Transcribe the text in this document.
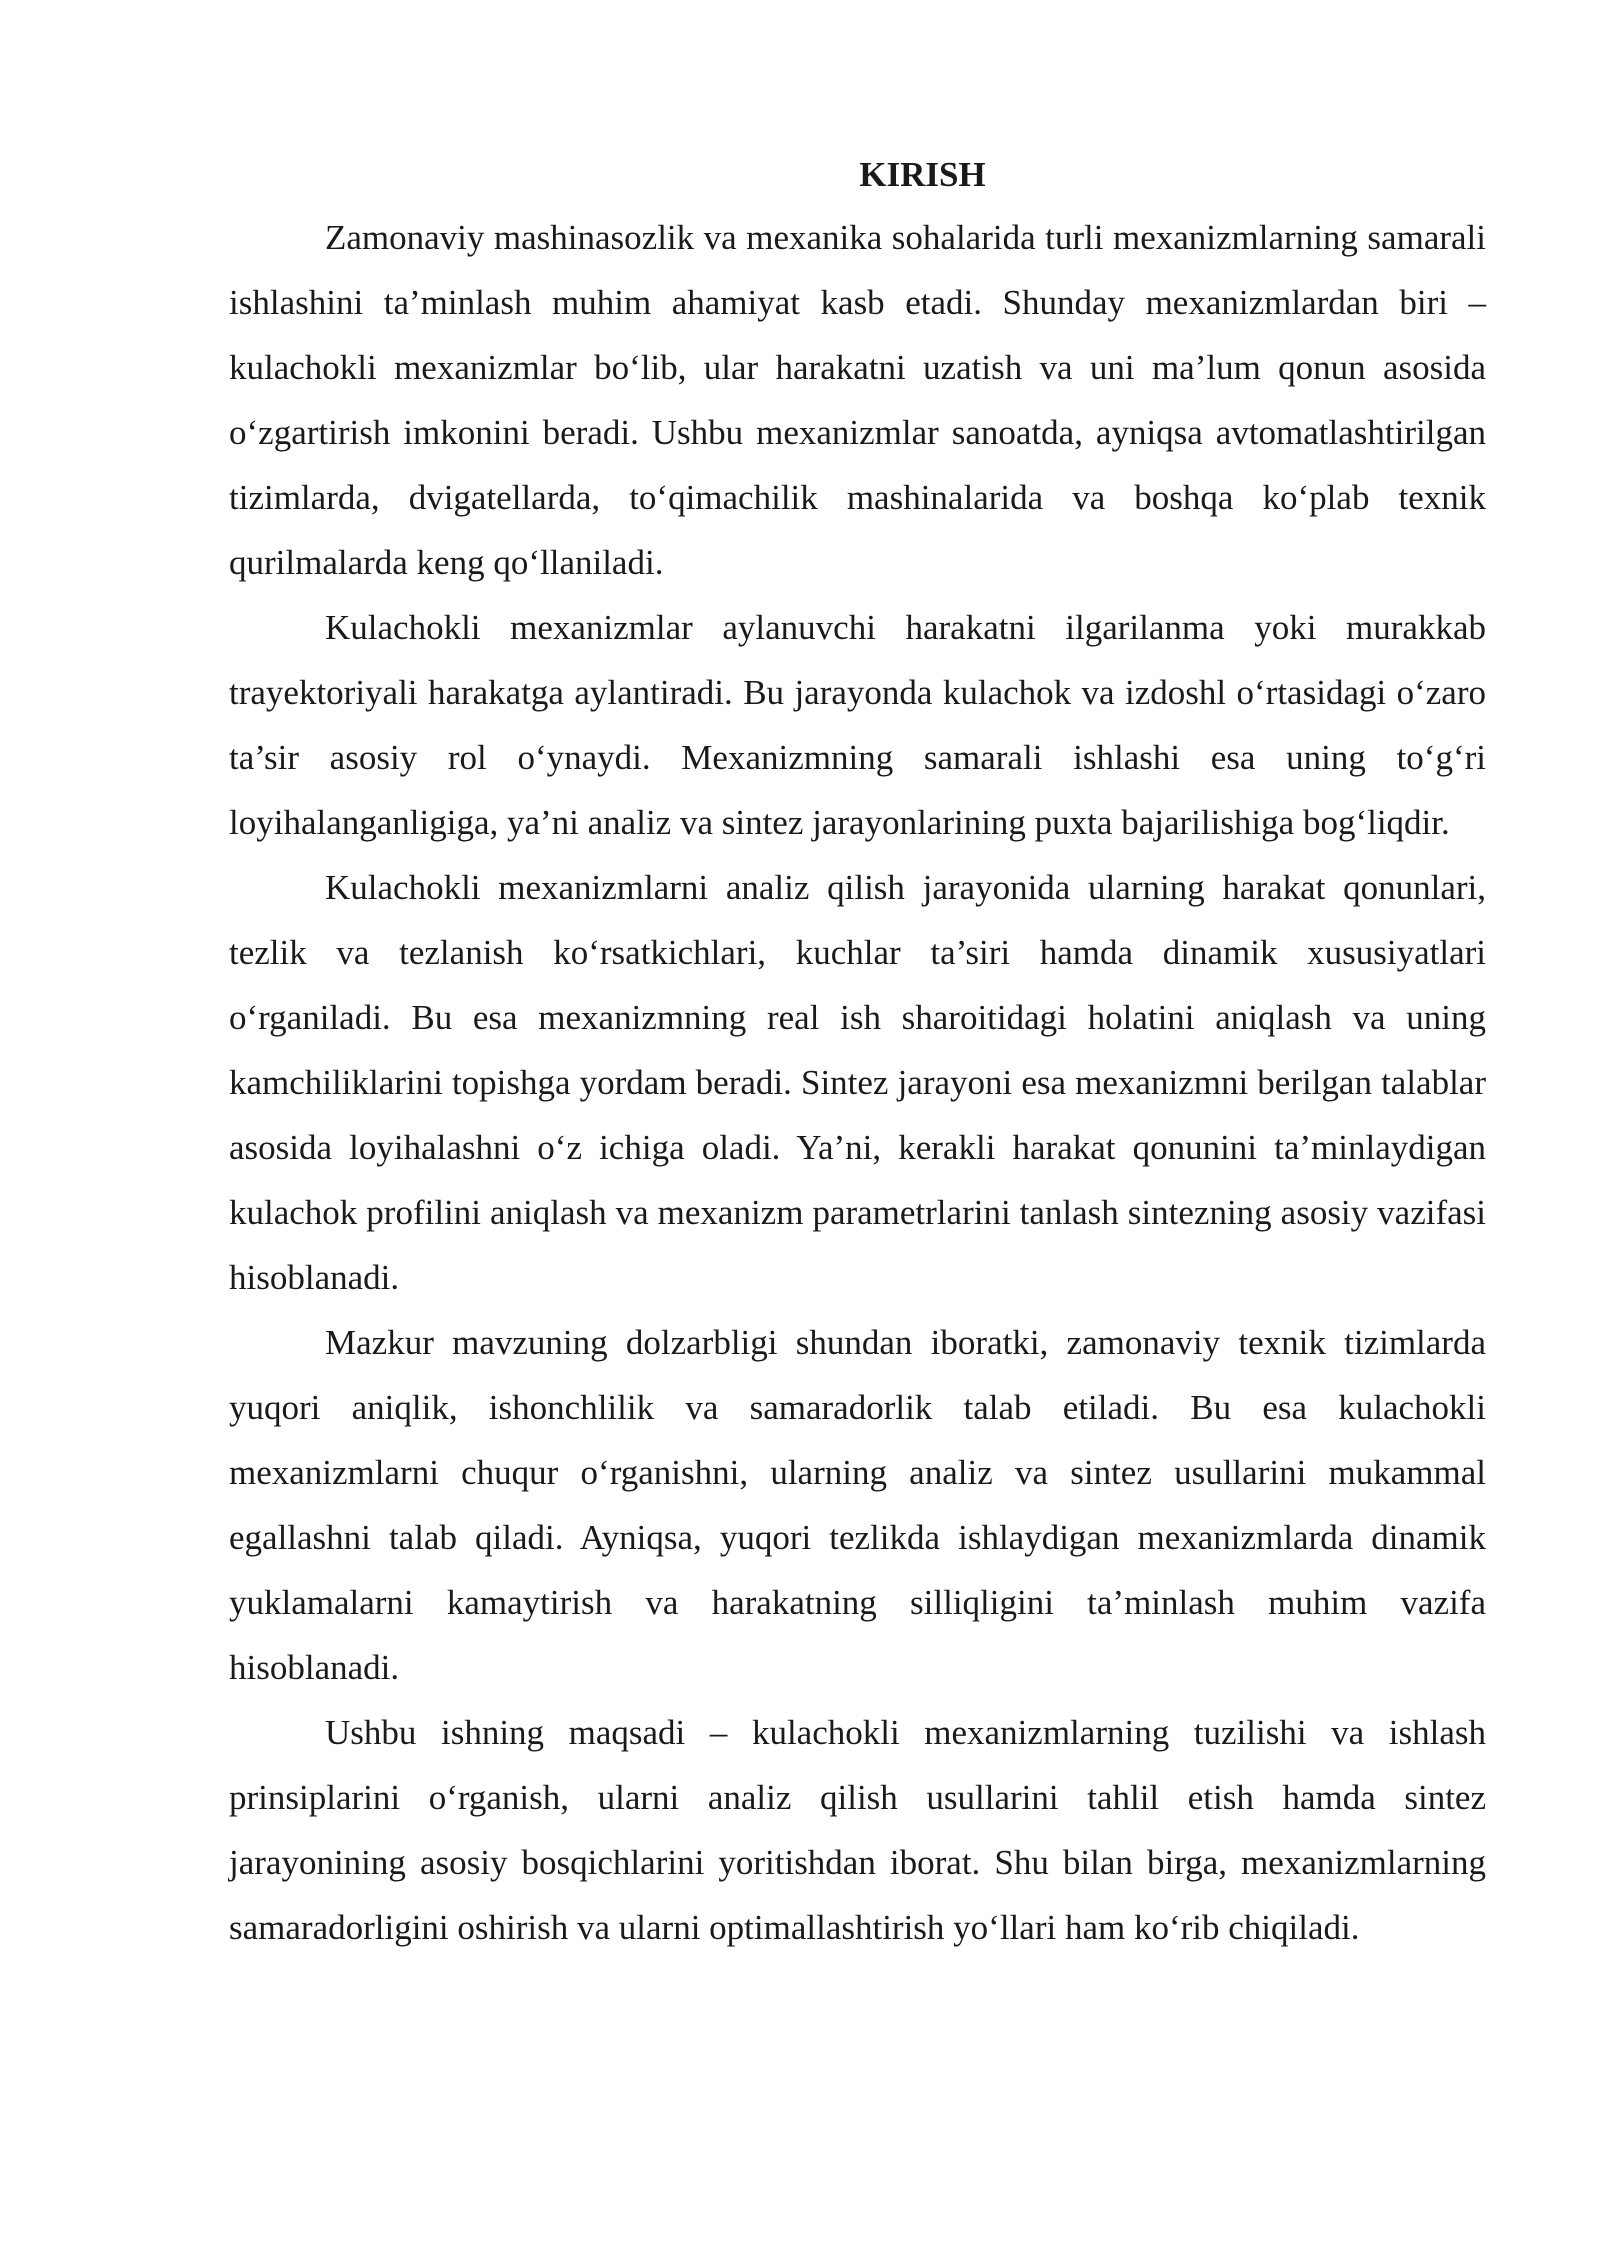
KIRISH

Zamonaviy mashinasozlik va mexanika sohalarida turli mexanizmlarning samarali ishlashini ta’minlash muhim ahamiyat kasb etadi. Shunday mexanizmlardan biri – kulachokli mexanizmlar bo‘lib, ular harakatni uzatish va uni ma’lum qonun asosida o‘zgartirish imkonini beradi. Ushbu mexanizmlar sanoatda, ayniqsa avtomatlashtirilgan tizimlarda, dvigatellarda, to‘qimachilik mashinalarida va boshqa ko‘plab texnik qurilmalarda keng qo‘llaniladi.

Kulachokli mexanizmlar aylanuvchi harakatni ilgarilanma yoki murakkab trayektoriyali harakatga aylantiradi. Bu jarayonda kulachok va izdoshl o‘rtasidagi o‘zaro ta’sir asosiy rol o‘ynaydi. Mexanizmning samarali ishlashi esa uning to‘g‘ri loyihalanganligiga, ya’ni analiz va sintez jarayonlarining puxta bajarilishiga bog‘liqdir.

Kulachokli mexanizmlarni analiz qilish jarayonida ularning harakat qonunlari, tezlik va tezlanish ko‘rsatkichlari, kuchlar ta’siri hamda dinamik xususiyatlari o‘rganiladi. Bu esa mexanizmning real ish sharoitidagi holatini aniqlash va uning kamchiliklarini topishga yordam beradi. Sintez jarayoni esa mexanizmni berilgan talablar asosida loyihalashni o‘z ichiga oladi. Ya’ni, kerakli harakat qonunini ta’minlaydigan kulachok profilini aniqlash va mexanizm parametrlarini tanlash sintezning asosiy vazifasi hisoblanadi.

Mazkur mavzuning dolzarbligi shundan iboratki, zamonaviy texnik tizimlarda yuqori aniqlik, ishonchlilik va samaradorlik talab etiladi. Bu esa kulachokli mexanizmlarni chuqur o‘rganishni, ularning analiz va sintez usullarini mukammal egallashni talab qiladi. Ayniqsa, yuqori tezlikda ishlaydigan mexanizmlarda dinamik yuklamalarni kamaytirish va harakatning silliqligini ta’minlash muhim vazifa hisoblanadi.

Ushbu ishning maqsadi – kulachokli mexanizmlarning tuzilishi va ishlash prinsiplarini o‘rganish, ularni analiz qilish usullarini tahlil etish hamda sintez jarayonining asosiy bosqichlarini yoritishdan iborat. Shu bilan birga, mexanizmlarning samaradorligini oshirish va ularni optimallashtirish yo‘llari ham ko‘rib chiqiladi.
